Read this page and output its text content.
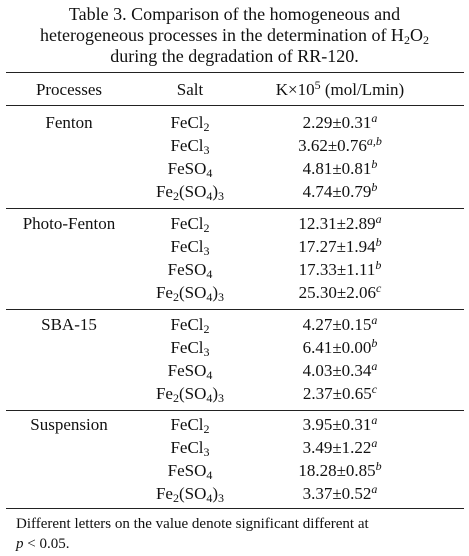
Table 3. Comparison of the homogeneous and
heterogeneous processes in the determination of $H_2O_2$
during the degradation of RR-120.
Processes	Salt	$K\times 10^5$ (mol/Lmin)
Fenton	FeCl$_2$	2.29±0.31$^a$
FeCl$_3$	$3.62\pm 0.76^{a,b}$
FeSO$_4$	4.81±0.81$^b$
$Fe_2(SO_4)_3$	4.74±0.79$^b$
Photo-Fenton	FeCl$_2$	12.31±2.89$^a$
FeCl$_3$	17.27±1.94$^b$
FeSO$_4$	17.33±1.11$^b$
$Fe_2(SO_4)_3$	25.30±2.06$^c$
SBA-15	FeCl$_2$	4.27±0.15$^a$
FeCl$_3$	6.41±0.00$^b$
FeSO$_4$	4.03±0.34$^a$
$Fe_2(SO_4)_3$	2.37±0.65$^c$
Suspension	FeCl$_2$	3.95±0.31$^a$
FeCl$_3$	3.49±1.22$^a$
FeSO$_4$	18.28±0.85$^b$
$Fe_2(SO_4)_3$	3.37±0.52$^a$
Different letters on the value denote significant different at
p < 0.05.
